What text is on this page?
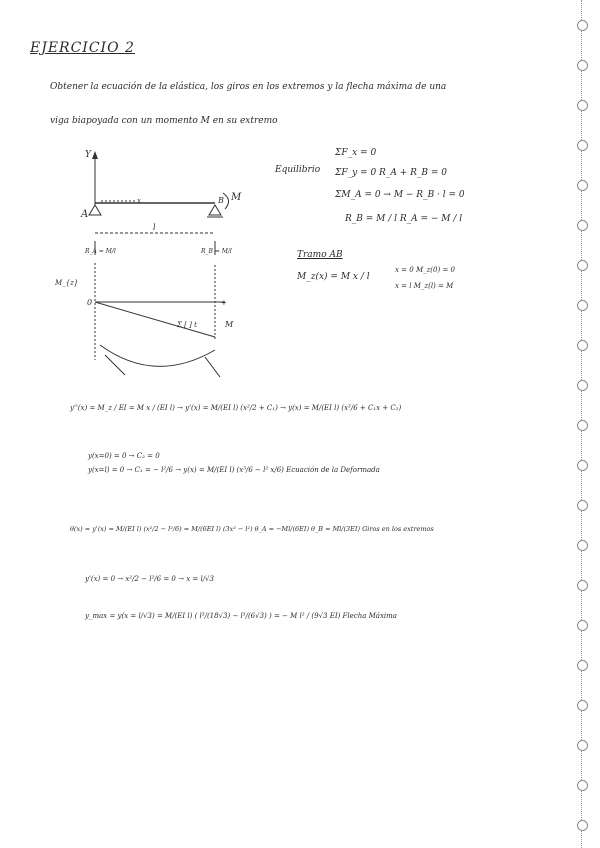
EJERCICIO 2
Obtener la ecuación de la elástica, los giros en los extremos y la flecha máxima de una
viga biapoyada con un momento M en su extremo
Y
A
B M
x
l
R_A = M/l	R_B = M/l
M_{z}
0	+
Σ [ ] t	M
Equilibrio
ΣF_x = 0
ΣF_y = 0 R_A + R_B = 0
ΣM_A = 0 → M − R_B · l = 0
R_B = M / l R_A = − M / l
Tramo AB
M_z(x) = M x / l
x = 0 M_z(0) = 0
x = l M_z(l) = M
y''(x) = M_z / EI = M x / (EI l) → y'(x) = M/(EI l) (x²/2 + C₁) → y(x) = M/(EI l) (x³/6 + C₁x + C₂)
y(x=0) = 0 → C₂ = 0
y(x=l) = 0 → C₁ = − l²/6 → y(x) = M/(EI l) (x³/6 − l² x/6) Ecuación de la Deformada
θ(x) = y'(x) = M/(EI l) (x²/2 − l²/6) = M/(6EI l) (3x² − l²) θ_A = −Ml/(6EI) θ_B = Ml/(3EI) Giros en los extremos
y'(x) = 0 → x²/2 − l²/6 = 0 → x = l/√3
y_max = y(x = l/√3) = M/(EI l) ( l³/(18√3) − l³/(6√3) ) = − M l² / (9√3 EI) Flecha Máxima
